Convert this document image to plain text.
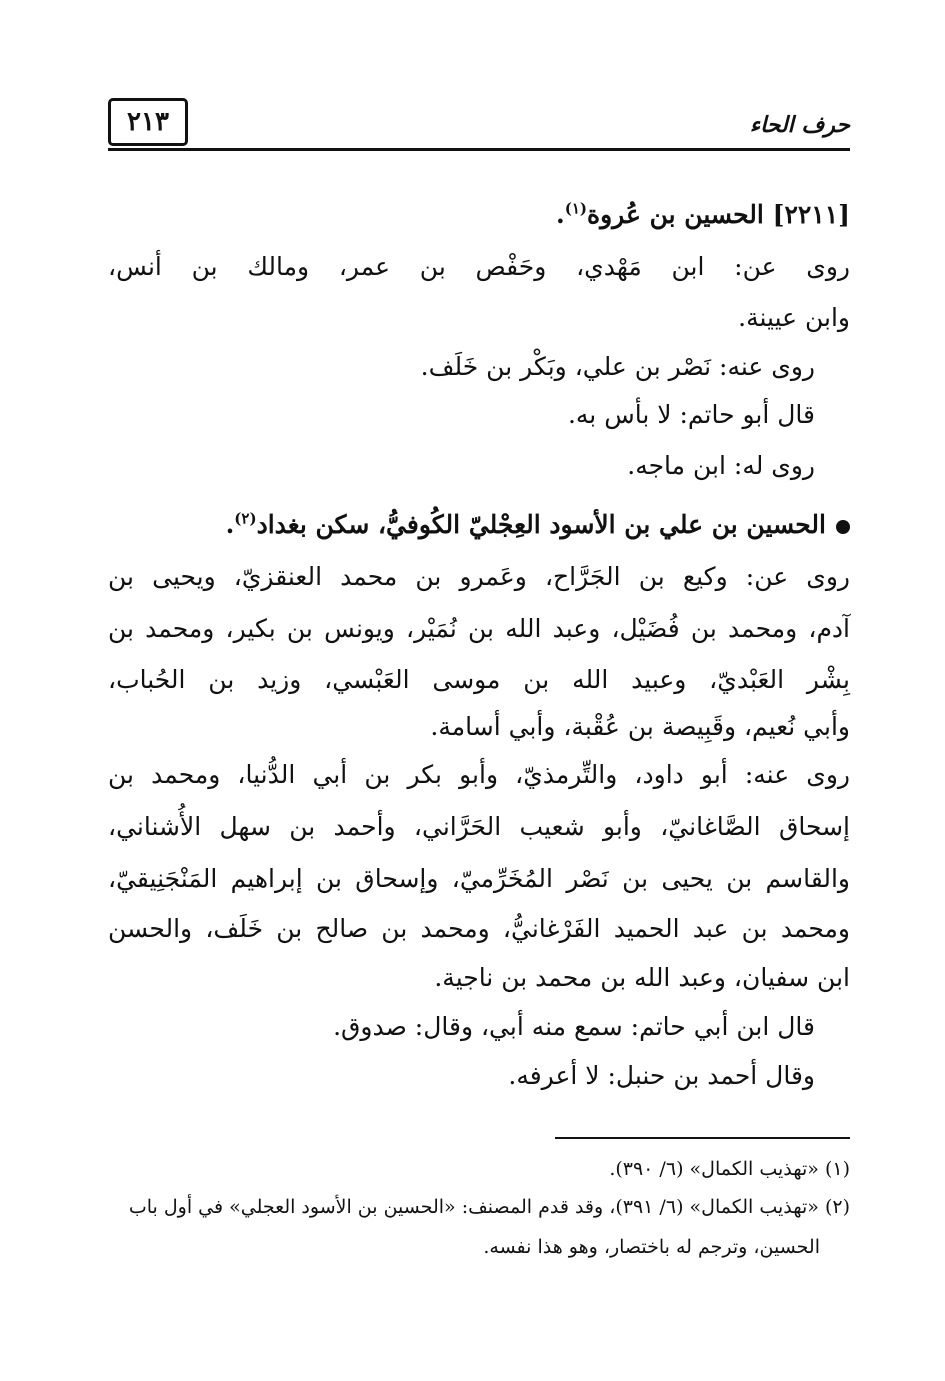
٢١٣	حرف الحاء
[٢٢١١] الحسين بن عُروة$^{(١)}$.
روى عن: ابن مَهْدي، وحَفْص بن عمر، ومالك بن أنس،
وابن عيينة.
روى عنه: نَصْر بن علي، وبَكْر بن خَلَف.
قال أبو حاتم: لا بأس به.
روى له: ابن ماجه.
الحسين بن علي بن الأسود العِجْليّ الكُوفيُّ، سكن بغداد$^{(٢)}$.
روى عن: وكيع بن الجَرَّاح، وعَمرو بن محمد العنقزيّ، ويحيى بن
آدم، ومحمد بن فُضَيْل، وعبد الله بن نُمَيْر، ويونس بن بكير، ومحمد بن
بِشْر العَبْديّ، وعبيد الله بن موسى العَبْسي، وزيد بن الحُباب،
وأبي نُعيم، وقَبِيصة بن عُقْبة، وأبي أسامة.
روى عنه: أبو داود، والتِّرمذيّ، وأبو بكر بن أبي الدُّنيا، ومحمد بن
إسحاق الصَّاغانيّ، وأبو شعيب الحَرَّاني، وأحمد بن سهل الأُشناني،
والقاسم بن يحيى بن نَصْر المُخَرِّميّ، وإسحاق بن إبراهيم المَنْجَنِيقيّ،
ومحمد بن عبد الحميد الفَرْغانيُّ، ومحمد بن صالح بن خَلَف، والحسن
ابن سفيان، وعبد الله بن محمد بن ناجية.
قال ابن أبي حاتم: سمع منه أبي، وقال: صدوق.
وقال أحمد بن حنبل: لا أعرفه.
(١) «تهذيب الكمال» (٦/ ٣٩٠).
(٢) «تهذيب الكمال» (٦/ ٣٩١)، وقد قدم المصنف: «الحسين بن الأسود العجلي» في أول باب
الحسين، وترجم له باختصار، وهو هذا نفسه.
